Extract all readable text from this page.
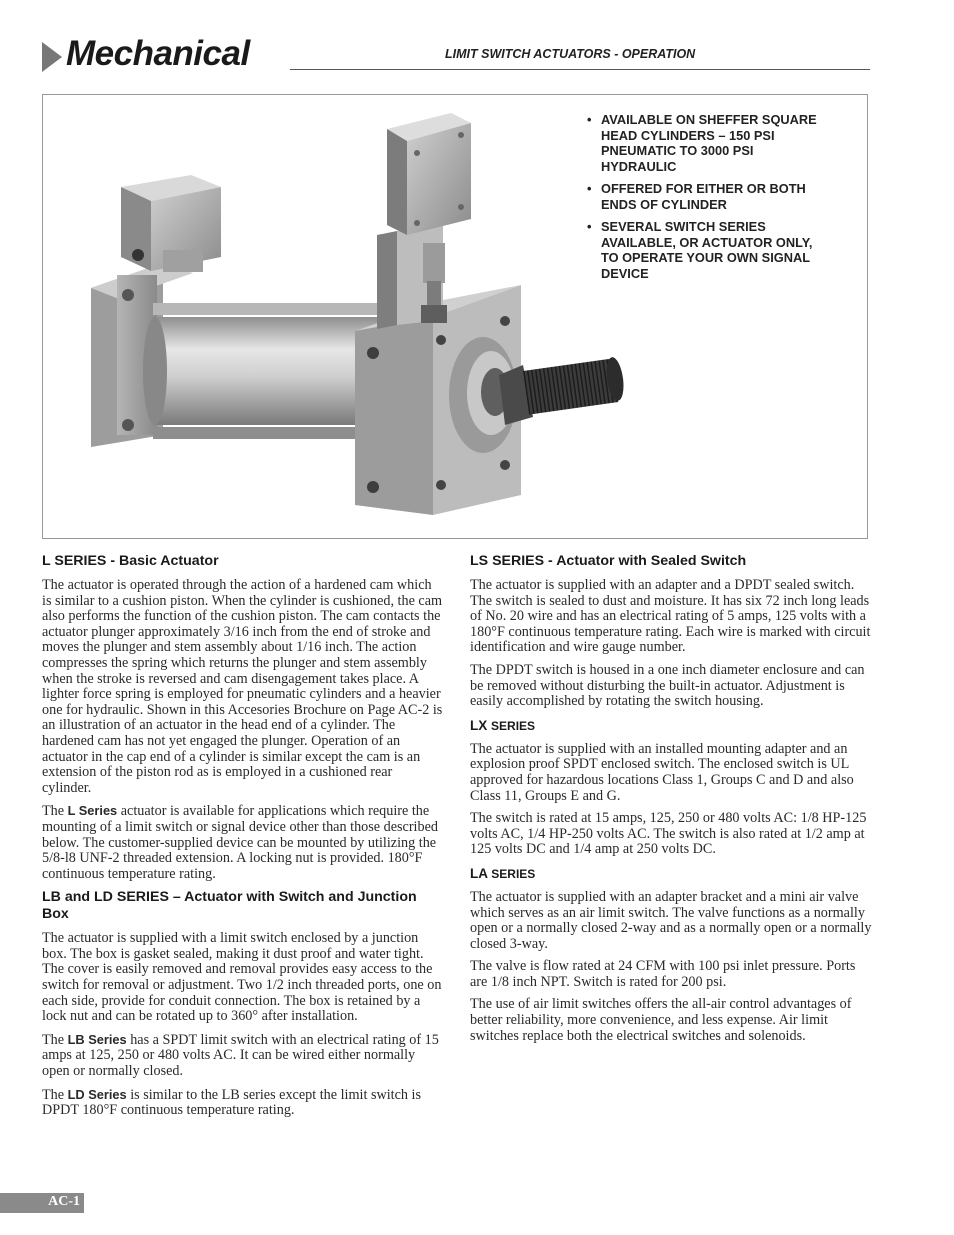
Mechanical	LIMIT SWITCH ACTUATORS - OPERATION
• AVAILABLE ON SHEFFER SQUARE HEAD CYLINDERS – 150 PSI PNEUMATIC TO 3000 PSI HYDRAULIC
• OFFERED FOR EITHER OR BOTH ENDS OF CYLINDER
• SEVERAL SWITCH SERIES AVAILABLE, OR ACTUATOR ONLY, TO OPERATE YOUR OWN SIGNAL DEVICE
L SERIES - Basic Actuator

The actuator is operated through the action of a hardened cam which is similar to a cushion piston. When the cylinder is cushioned, the cam also performs the function of the cushion piston. The cam contacts the actuator plunger approximately 3/16 inch from the end of stroke and moves the plunger and stem assembly about 1/16 inch. The action compresses the spring which returns the plunger and stem assembly when the stroke is reversed and cam disengagement takes place. A lighter force spring is employed for pneumatic cylinders and a heavier one for hydraulic. Shown in this Accesories Brochure on Page AC-2 is an illustration of an actuator in the head end of a cylinder. The hardened cam has not yet engaged the plunger. Operation of an actuator in the cap end of a cylinder is similar except the cam is an extension of the piston rod as is employed in a cushioned rear cylinder.

The L Series actuator is available for applications which require the mounting of a limit switch or signal device other than those described below. The customer-supplied device can be mounted by utilizing the 5/8-l8 UNF-2 threaded extension. A locking nut is provided. 180°F continuous temperature rating.

LB and LD SERIES – Actuator with Switch and Junction Box

The actuator is supplied with a limit switch enclosed by a junction box. The box is gasket sealed, making it dust proof and water tight. The cover is easily removed and removal provides easy access to the switch for removal or adjustment. Two 1/2 inch threaded ports, one on each side, provide for conduit connection. The box is retained by a lock nut and can be rotated up to 360° after installation.

The LB Series has a SPDT limit switch with an electrical rating of 15 amps at 125, 250 or 480 volts AC. It can be wired either normally open or normally closed.

The LD Series is similar to the LB series except the limit switch is DPDT 180°F continuous temperature rating.

LS SERIES - Actuator with Sealed Switch

The actuator is supplied with an adapter and a DPDT sealed switch. The switch is sealed to dust and moisture. It has six 72 inch long leads of No. 20 wire and has an electrical rating of 5 amps, 125 volts with a 180°F continuous temperature rating. Each wire is marked with circuit identification and wire gauge number.

The DPDT switch is housed in a one inch diameter enclosure and can be removed without disturbing the built-in actuator. Adjustment is easily accomplished by rotating the switch housing.

LX SERIES

The actuator is supplied with an installed mounting adapter and an explosion proof SPDT enclosed switch. The enclosed switch is UL approved for hazardous locations Class 1, Groups C and D and also Class 11, Groups E and G.

The switch is rated at 15 amps, 125, 250 or 480 volts AC: 1/8 HP-125 volts AC, 1/4 HP-250 volts AC. The switch is also rated at 1/2 amp at 125 volts DC and 1/4 amp at 250 volts DC.

LA SERIES

The actuator is supplied with an adapter bracket and a mini air valve which serves as an air limit switch. The valve functions as a normally open or a normally closed 2-way and as a normally open or a normally closed 3-way.

The valve is flow rated at 24 CFM with 100 psi inlet pressure. Ports are 1/8 inch NPT. Switch is rated for 200 psi.

The use of air limit switches offers the all-air control advantages of better reliability, more convenience, and less expense. Air limit switches replace both the electrical switches and solenoids.

AC-1
